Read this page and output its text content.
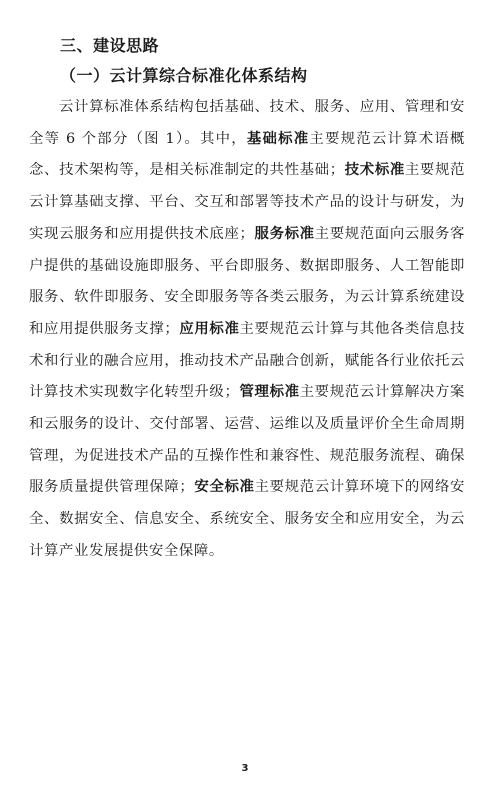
三、建设思路
（一）云计算综合标准化体系结构

云计算标准体系结构包括基础、技术、服务、应用、管理和安全等 6 个部分（图 1）。其中，基础标准主要规范云计算术语概念、技术架构等，是相关标准制定的共性基础；技术标准主要规范云计算基础支撑、平台、交互和部署等技术产品的设计与研发，为实现云服务和应用提供技术底座；服务标准主要规范面向云服务客户提供的基础设施即服务、平台即服务、数据即服务、人工智能即服务、软件即服务、安全即服务等各类云服务，为云计算系统建设和应用提供服务支撑；应用标准主要规范云计算与其他各类信息技术和行业的融合应用，推动技术产品融合创新，赋能各行业依托云计算技术实现数字化转型升级；管理标准主要规范云计算解决方案和云服务的设计、交付部署、运营、运维以及质量评价全生命周期管理，为促进技术产品的互操作性和兼容性、规范服务流程、确保服务质量提供管理保障；安全标准主要规范云计算环境下的网络安全、数据安全、信息安全、系统安全、服务安全和应用安全，为云计算产业发展提供安全保障。

3
